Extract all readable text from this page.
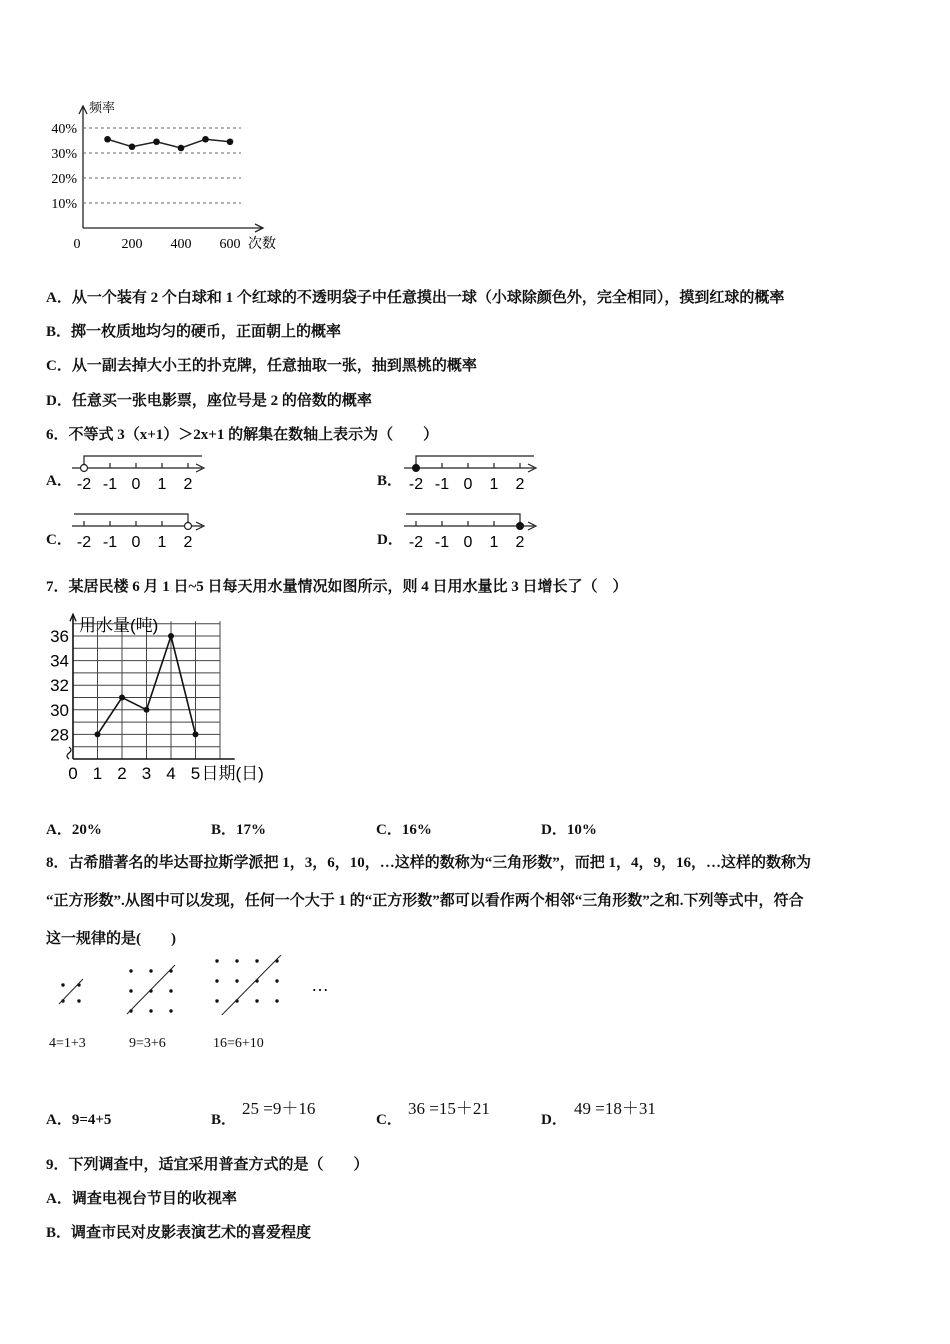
10%
20%
30%
40%
频率
0	200 400 600 次数
A．从一个装有 2 个白球和 1 个红球的不透明袋子中任意摸出一球（小球除颜色外，完全相同），摸到红球的概率
B．掷一枚质地均匀的硬币，正面朝上的概率
C．从一副去掉大小王的扑克牌，任意抽取一张，抽到黑桃的概率
D．任意买一张电影票，座位号是 2 的倍数的概率
6．不等式 3（x+1）＞2x+1 的解集在数轴上表示为（　　）
A． -2 -1 0 1 2	B． -2 -1 0 1 2
C． -2 -1 0 1 2	D． -2 -1 0 1 2
7．某居民楼 6 月 1 日~5 日每天用水量情况如图所示，则 4 日用水量比 3 日增长了（　）
28
30
32
34
36
用水量(吨)
0 1 2 3 4 5 日期(日)
A．20%	B．17%	C．16%	D．10%
8．古希腊著名的毕达哥拉斯学派把 1，3，6，10，…这样的数称为“三角形数”，而把 1，4，9，16，…这样的数称为
“正方形数”.从图中可以发现，任何一个大于 1 的“正方形数”都可以看作两个相邻“三角形数”之和.下列等式中，符合
这一规律的是(　　)
…
4=1+3	9=3+6	16=6+10
A．9=4+5	B．
25 =9＋16
C．
36 =15＋21
D．
49 =18＋31
9．下列调查中，适宜采用普查方式的是（　　）
A．调查电视台节目的收视率
B．调查市民对皮影表演艺术的喜爱程度
